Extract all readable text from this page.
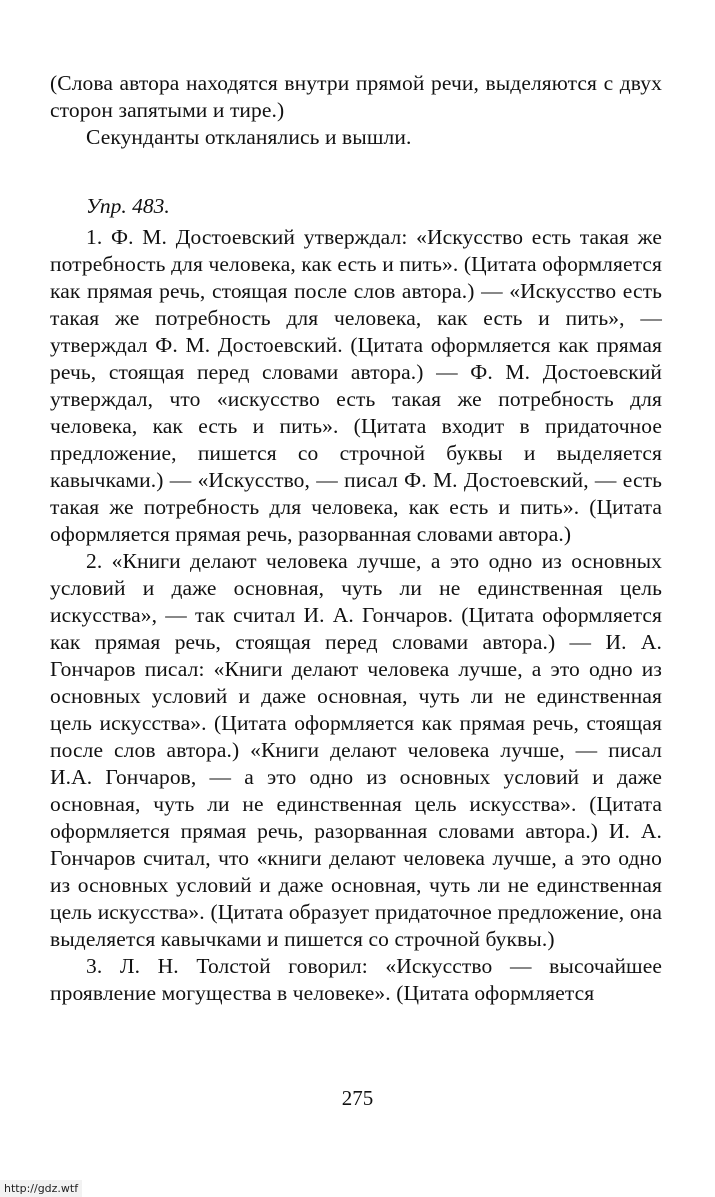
(Слова автора находятся внутри прямой речи, выделяются с двух сторон запятыми и тире.)

Секунданты откланялись и вышли.

Упр. 483.

1. Ф. М. Достоевский утверждал: «Искусство есть такая же потребность для человека, как есть и пить». (Цитата оформляется как прямая речь, стоящая после слов автора.) — «Искусство есть такая же потребность для человека, как есть и пить», — утверждал Ф. М. Достоевский. (Цитата оформляется как прямая речь, стоящая перед словами автора.) — Ф. М. Достоевский утверждал, что «искусство есть такая же потребность для человека, как есть и пить». (Цитата входит в придаточное предложение, пишется со строчной буквы и выделяется кавычками.) — «Искусство, — писал Ф. М. Достоевский, — есть такая же потребность для человека, как есть и пить». (Цитата оформляется прямая речь, разорванная словами автора.)

2. «Книги делают человека лучше, а это одно из основных условий и даже основная, чуть ли не единственная цель искусства», — так считал И. А. Гончаров. (Цитата оформляется как прямая речь, стоящая перед словами автора.) — И. А. Гончаров писал: «Книги делают человека лучше, а это одно из основных условий и даже основная, чуть ли не единственная цель искусства». (Цитата оформляется как прямая речь, стоящая после слов автора.) «Книги делают человека лучше, — писал И.А. Гончаров, — а это одно из основных условий и даже основная, чуть ли не единственная цель искусства». (Цитата оформляется прямая речь, разорванная словами автора.) И. А. Гончаров считал, что «книги делают человека лучше, а это одно из основных условий и даже основная, чуть ли не единственная цель искусства». (Цитата образует придаточное предложение, она выделяется кавычками и пишется со строчной буквы.)

3. Л. Н. Толстой говорил: «Искусство — высочайшее проявление могущества в человеке». (Цитата оформляется

275
http://gdz.wtf
